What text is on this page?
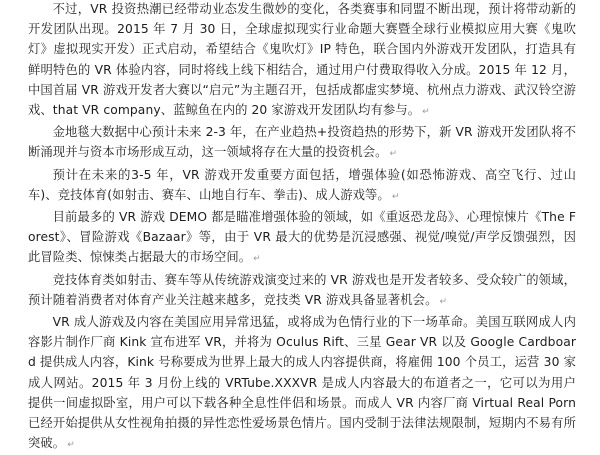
不过，VR 投资热潮已经带动业态发生微妙的变化，各类赛事和同盟不断出现，预计将带动新的开发团队出现。2015 年 7 月 30 日，全球虚拟现实行业命题大赛暨全球行业模拟应用大赛《鬼吹灯》虚拟现实开发）正式启动，希望结合《鬼吹灯》IP 特色，联合国内外游戏开发团队，打造具有鲜明特色的 VR 体验内容，同时将线上线下相结合，通过用户付费取得收入分成。2015 年 12 月，中国首届 VR 游戏开发者大赛以“启元”为主题召开，包括成都虚实梦境、杭州点力游戏、武汉铃空游戏、that VR company、蓝鲸鱼在内的 20 家游戏开发团队均有参与。 ↵

金地毯大数据中心预计未来 2-3 年，在产业趋热+投资趋热的形势下，新 VR 游戏开发团队将不断涌现并与资本市场形成互动，这一领域将存在大量的投资机会。 ↵

预计在未来的3-5 年，VR 游戏开发重要方面包括，增强体验(如恐怖游戏、高空飞行、过山车)、竞技体育(如射击、赛车、山地自行车、拳击)、成人游戏等。 ↵

目前最多的 VR 游戏 DEMO 都是瞄准增强体验的领域，如《重返恐龙岛》、心理惊悚片《The Forest》、冒险游戏《Bazaar》等，由于 VR 最大的优势是沉浸感强、视觉/嗅觉/声学反馈强烈，因此冒险类、惊悚类占据最大的市场空间。 ↵

竞技体育类如射击、赛车等从传统游戏演变过来的 VR 游戏也是开发者较多、受众较广的领域，预计随着消费者对体育产业关注越来越多，竞技类 VR 游戏具备显著机会。 ↵

VR 成人游戏及内容在美国应用异常迅猛，或将成为色情行业的下一场革命。美国互联网成人内容影片制作厂商 Kink 宣布进军 VR，并将为 Oculus Rift、三星 Gear VR 以及 Google Cardboard 提供成人内容，Kink 号称要成为世界上最大的成人内容提供商，将雇佣 100 个员工，运营 30 家成人网站。2015 年 3 月份上线的 VRTube.XXXVR 是成人内容最大的布道者之一，它可以为用户提供一间虚拟卧室，用户可以下载各种全息性伴侣和场景。而成人 VR 内容厂商 Virtual Real Porn 已经开始提供从女性视角拍摄的异性恋性爱场景色情片。国内受制于法律法规限制，短期内不易有所突破。 ↵
